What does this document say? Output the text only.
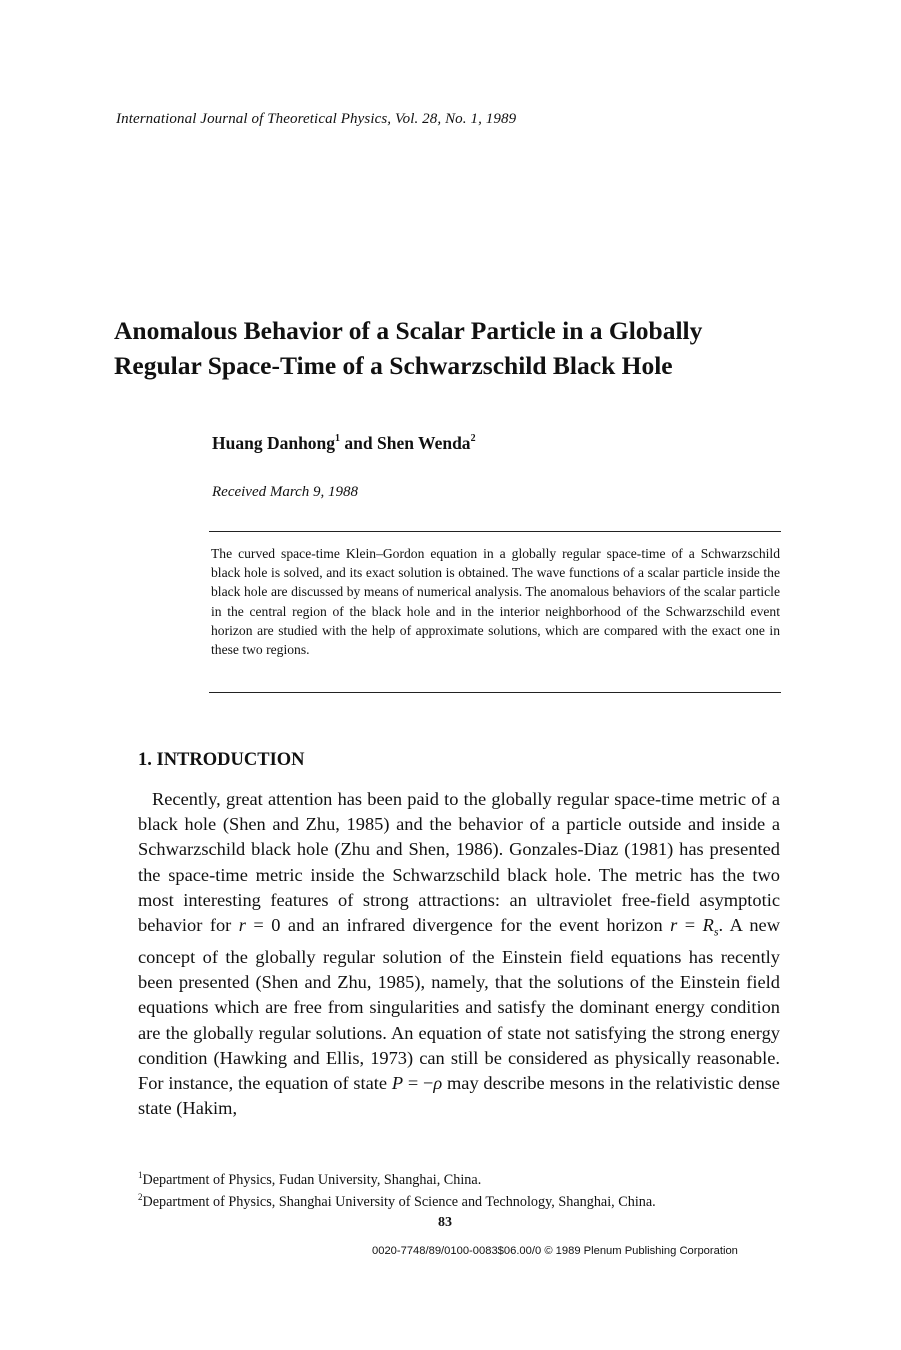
International Journal of Theoretical Physics, Vol. 28, No. 1, 1989
Anomalous Behavior of a Scalar Particle in a Globally
Regular Space-Time of a Schwarzschild Black Hole
Huang Danhong$^1$ and Shen Wenda$^2$
Received March 9, 1988
The curved space-time Klein–Gordon equation in a globally regular space-time of a Schwarzschild black hole is solved, and its exact solution is obtained. The wave functions of a scalar particle inside the black hole are discussed by means of numerical analysis. The anomalous behaviors of the scalar particle in the central region of the black hole and in the interior neighborhood of the Schwarzschild event horizon are studied with the help of approximate solutions, which are compared with the exact one in these two regions.
1. INTRODUCTION
Recently, great attention has been paid to the globally regular space-time metric of a black hole (Shen and Zhu, 1985) and the behavior of a particle outside and inside a Schwarzschild black hole (Zhu and Shen, 1986). Gonzales-Diaz (1981) has presented the space-time metric inside the Schwarzschild black hole. The metric has the two most interesting features of strong attractions: an ultraviolet free-field asymptotic behavior for r = 0 and an infrared divergence for the event horizon $r = R_s$. A new concept of the globally regular solution of the Einstein field equations has recently been presented (Shen and Zhu, 1985), namely, that the solutions of the Einstein field equations which are free from singularities and satisfy the dominant energy condition are the globally regular solutions. An equation of state not satisfying the strong energy condition (Hawking and Ellis, 1973) can still be considered as physically reasonable. For instance, the equation of state P = −ρ may describe mesons in the relativistic dense state (Hakim,
$^1$Department of Physics, Fudan University, Shanghai, China.
$^2$Department of Physics, Shanghai University of Science and Technology, Shanghai, China.
83
0020-7748/89/0100-0083$06.00/0 © 1989 Plenum Publishing Corporation
